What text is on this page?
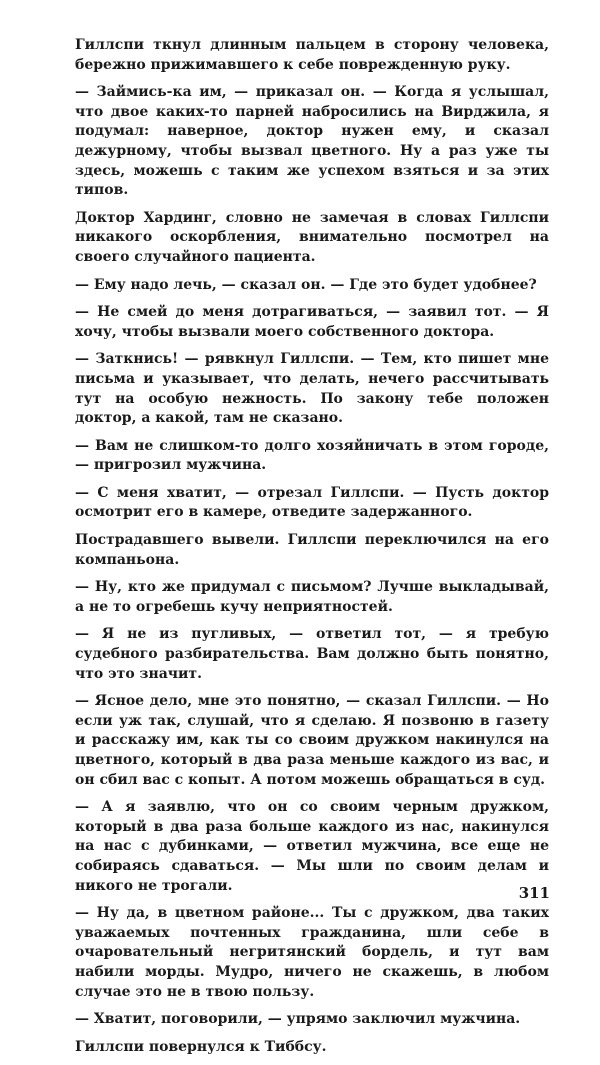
Гиллспи ткнул длинным пальцем в сторону человека, бережно прижимавшего к себе поврежденную руку.

— Займись-ка им, — приказал он. — Когда я услышал, что двое каких-то парней набросились на Вирджила, я подумал: наверное, доктор нужен ему, и сказал дежурному, чтобы вызвал цветного. Ну а раз уже ты здесь, можешь с таким же успехом взяться и за этих типов.

Доктор Хардинг, словно не замечая в словах Гиллспи никакого оскорбления, внимательно посмотрел на своего случайного пациента.

— Ему надо лечь, — сказал он. — Где это будет удобнее?

— Не смей до меня дотрагиваться, — заявил тот. — Я хочу, чтобы вызвали моего собственного доктора.

— Заткнись! — рявкнул Гиллспи. — Тем, кто пишет мне письма и указывает, что делать, нечего рассчитывать тут на особую нежность. По закону тебе положен доктор, а какой, там не сказано.

— Вам не слишком-то долго хозяйничать в этом городе, — пригрозил мужчина.

— С меня хватит, — отрезал Гиллспи. — Пусть доктор осмотрит его в камере, отведите задержанного.

Пострадавшего вывели. Гиллспи переключился на его компаньона.

— Ну, кто же придумал с письмом? Лучше выкладывай, а не то огребешь кучу неприятностей.

— Я не из пугливых, — ответил тот, — я требую судебного разбирательства. Вам должно быть понятно, что это значит.

— Ясное дело, мне это понятно, — сказал Гиллспи. — Но если уж так, слушай, что я сделаю. Я позвоню в газету и расскажу им, как ты со своим дружком накинулся на цветного, который в два раза меньше каждого из вас, и он сбил вас с копыт. А потом можешь обращаться в суд.

— А я заявлю, что он со своим черным дружком, который в два раза больше каждого из нас, накинулся на нас с дубинками, — ответил мужчина, все еще не собираясь сдаваться. — Мы шли по своим делам и никого не трогали.

— Ну да, в цветном районе... Ты с дружком, два таких уважаемых почтенных гражданина, шли себе в очаровательный негритянский бордель, и тут вам набили морды. Мудро, ничего не скажешь, в любом случае это не в твою пользу.

— Хватит, поговорили, — упрямо заключил мужчина.

Гиллспи повернулся к Тиббсу.

311
